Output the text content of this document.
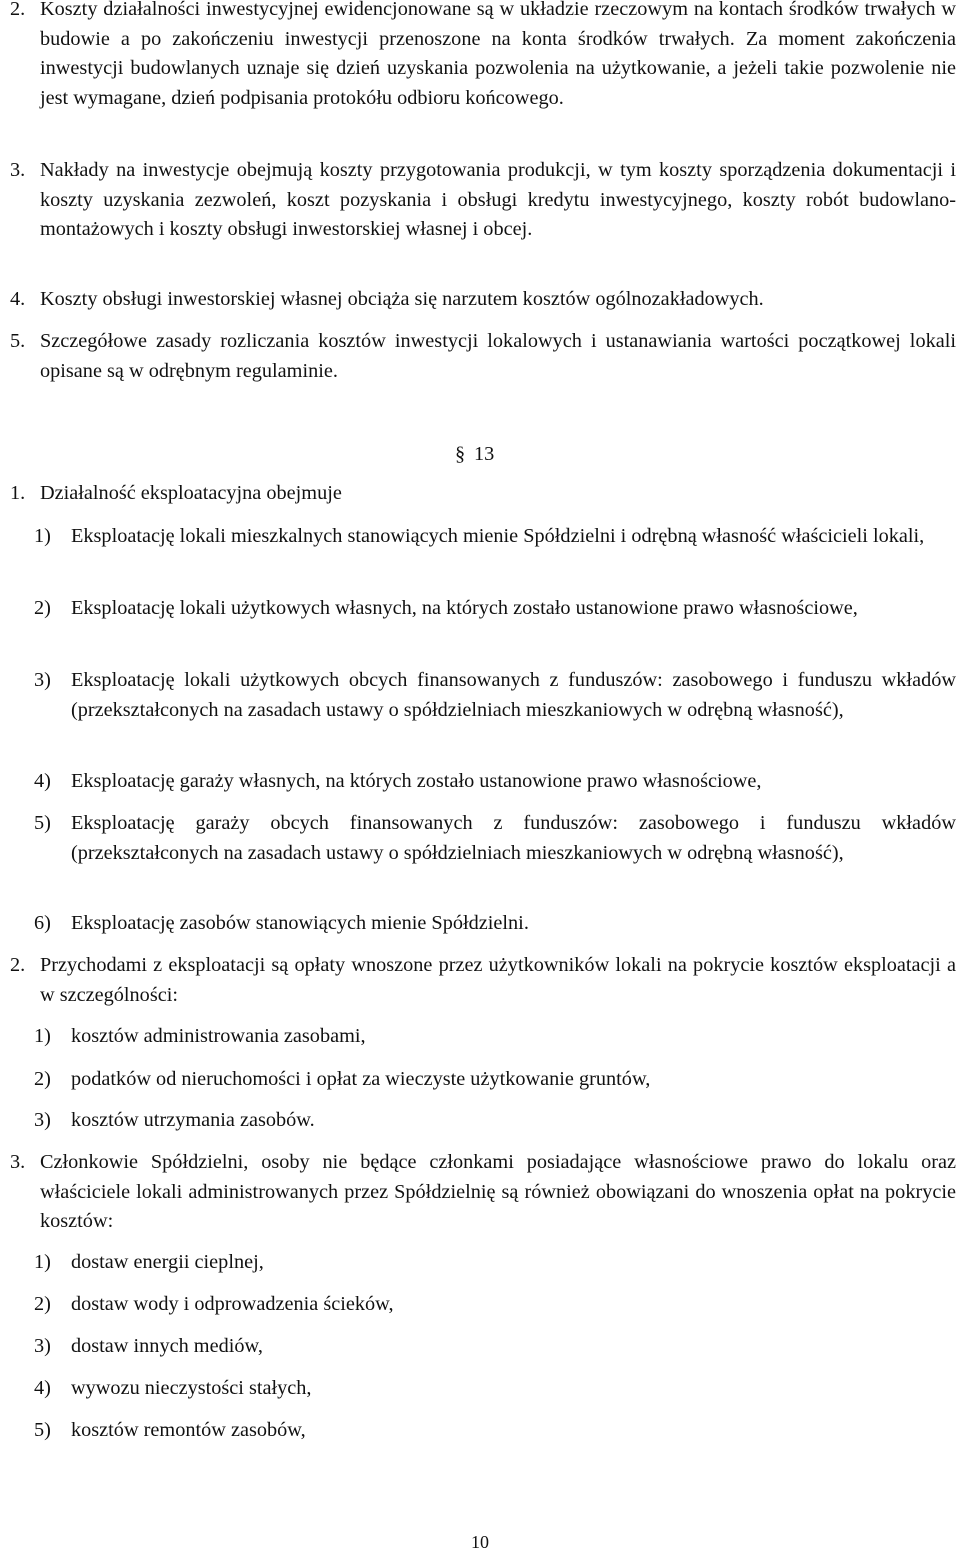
2. Koszty działalności inwestycyjnej ewidencjonowane są w układzie rzeczowym na kontach środków trwałych w budowie a po zakończeniu inwestycji przenoszone na konta środków trwałych. Za moment zakończenia inwestycji budowlanych uznaje się dzień uzyskania pozwolenia na użytkowanie, a jeżeli takie pozwolenie nie jest wymagane, dzień podpisania protokółu odbioru końcowego.
3. Nakłady na inwestycje obejmują koszty przygotowania produkcji, w tym koszty sporządzenia dokumentacji i koszty uzyskania zezwoleń, koszt pozyskania i obsługi kredytu inwestycyjnego, koszty robót budowlano-montażowych i koszty obsługi inwestorskiej własnej i obcej.
4. Koszty obsługi inwestorskiej własnej obciąża się narzutem kosztów ogólnozakładowych.
5. Szczegółowe zasady rozliczania kosztów inwestycji lokalowych i ustanawiania wartości początkowej lokali opisane są w odrębnym regulaminie.
§ 13
1. Działalność eksploatacyjna obejmuje
1) Eksploatację lokali mieszkalnych stanowiących mienie Spółdzielni i odrębną własność właścicieli lokali,
2) Eksploatację lokali użytkowych własnych, na których zostało ustanowione prawo własnościowe,
3) Eksploatację lokali użytkowych obcych finansowanych z funduszów: zasobowego i funduszu wkładów (przekształconych na zasadach ustawy o spółdzielniach mieszkaniowych w odrębną własność),
4) Eksploatację garaży własnych, na których zostało ustanowione prawo własnościowe,
5) Eksploatację garaży obcych finansowanych z funduszów: zasobowego i funduszu wkładów (przekształconych na zasadach ustawy o spółdzielniach mieszkaniowych w odrębną własność),
6) Eksploatację zasobów stanowiących mienie Spółdzielni.
2. Przychodami z eksploatacji są opłaty wnoszone przez użytkowników lokali na pokrycie kosztów eksploatacji a w szczególności:
1) kosztów administrowania zasobami,
2) podatków od nieruchomości i opłat za wieczyste użytkowanie gruntów,
3) kosztów utrzymania zasobów.
3. Członkowie Spółdzielni, osoby nie będące członkami posiadające własnościowe prawo do lokalu oraz właściciele lokali administrowanych przez Spółdzielnię są również obowiązani do wnoszenia opłat na pokrycie kosztów:
1) dostaw energii cieplnej,
2) dostaw wody i odprowadzenia ścieków,
3) dostaw innych mediów,
4) wywozu nieczystości stałych,
5) kosztów remontów zasobów,
10
